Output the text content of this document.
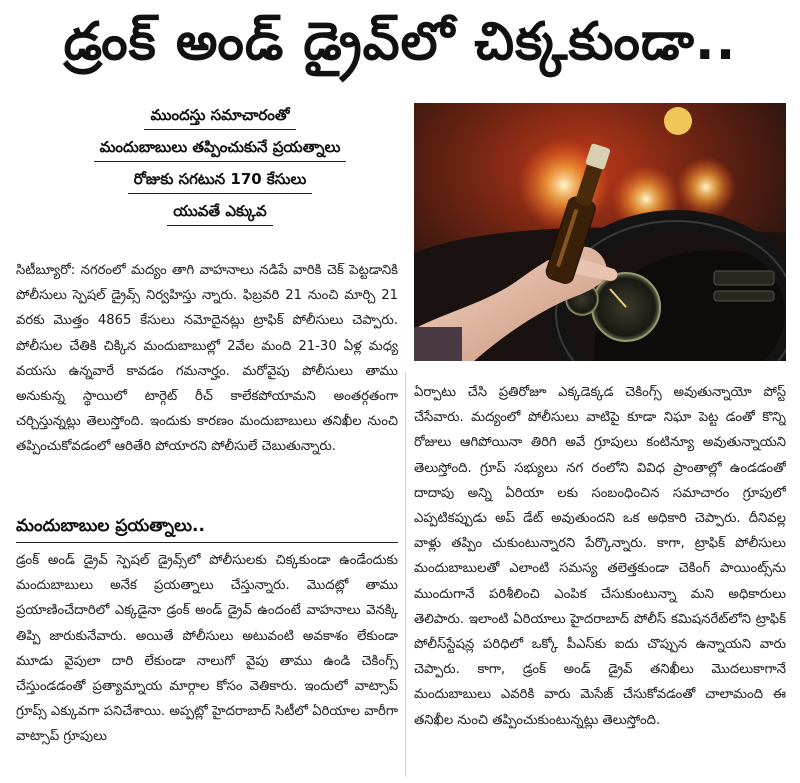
డ్రంక్ అండ్ డ్రైవ్‌లో చిక్కకుండా..
ముందస్తు సమాచారంతో
మందుబాబులు తప్పించుకునే ప్రయత్నాలు
రోజుకు సగటున 170 కేసులు
యువతే ఎక్కువ
సిటీబ్యూరో: నగరంలో మద్యం తాగి వాహనాలు నడిపే వారికి చెక్ పెట్టడానికి పోలీసులు స్పెషల్ డ్రైవ్స్ నిర్వహిస్తు న్నారు. ఫిబ్రవరి 21 నుంచి మార్చి 21 వరకు మొత్తం 4865 కేసులు నమోదైనట్లు ట్రాఫిక్ పోలీసులు చెప్పారు. పోలీసుల చేతికి చిక్కిన మందుబాబుల్లో 2వేల మంది 21-30 ఏళ్ల మధ్య వయసు ఉన్నవారే కావడం గమనార్హం. మరోవైపు పోలీసులు తాము అనుకున్న స్థాయిలో టార్గెట్ రీచ్ కాలేకపోయామని అంతర్గతంగా చర్చిస్తున్నట్లు తెలుస్తోంది. ఇందుకు కారణం మందుబాబులు తనిఖీల నుంచి తప్పించుకోవడంలో ఆరితేరి పోయారని పోలీసులే చెబుతున్నారు.
మందుబాబుల ప్రయత్నాలు..
డ్రంక్ అండ్ డ్రైవ్ స్పెషల్ డ్రైవ్స్‌లో పోలీసులకు చిక్కకుండా ఉండేందుకు మందుబాబులు అనేక ప్రయత్నాలు చేస్తున్నారు. మొదట్లో తాము ప్రయాణించేదారిలో ఎక్కడైనా డ్రంక్ అండ్ డ్రైవ్ ఉందంటే వాహనాలు వెనక్కి తిప్పి జారుకునేవారు. అయితే పోలీసులు అటువంటి అవకాశం లేకుండా మూడు వైపులా దారి లేకుండా నాలుగో వైపు తాము ఉండి చెకింగ్స్ చేస్తుండడంతో ప్రత్యామ్నాయ మార్గాల కోసం వెతికారు. ఇందులో వాట్సాప్ గ్రూప్స్ ఎక్కువగా పనిచేశాయి. అప్పట్లో హైదరాబాద్ సిటీలో ఏరియాల వారీగా వాట్సాప్ గ్రూపులు
ఏర్పాటు చేసి ప్రతిరోజూ ఎక్కడెక్కడ చెకింగ్స్ అవుతున్నాయో పోస్ట్ చేసేవారు. మద్యంలో పోలీసులు వాటిపై కూడా నిఘా పెట్ట డంతో కొన్ని రోజులు ఆగిపోయినా తిరిగి అవే గ్రూపులు కంటిన్యూ అవుతున్నాయని తెలుస్తోంది. గ్రూప్ సభ్యులు నగ రంలోని వివిధ ప్రాంతాల్లో ఉండడంతో దాదాపు అన్ని ఏరియా లకు సంబంధించిన సమాచారం గ్రూపులో ఎప్పటికప్పుడు అప్ డేట్ అవుతుందని ఒక అధికారి చెప్పారు. దీనివల్ల వాళ్లు తప్పిం చుకుంటున్నారని పేర్కొన్నారు. కాగా, ట్రాఫిక్ పోలీసులు మందుబాబులతో ఎలాంటి సమస్య తలెత్తకుండా చెకింగ్ పాయింట్స్‌ను ముందుగానే పరిశీలించి ఎంపిక చేసుకుంటున్నా మని అధికారులు తెలిపారు. ఇలాంటి ఏరియాలు హైదరాబాద్ పోలీస్ కమిషనరేట్‌లోని ట్రాఫిక్ పోలీస్‌స్టేషన్ల పరిధిలో ఒక్కో పీఎస్‌కు ఐదు చొప్పున ఉన్నాయని వారు చెప్పారు. కాగా, డ్రంక్ అండ్ డ్రైవ్ తనిఖీలు మొదలుకాగానే మందుబాబులు ఎవరికి వారు మెసేజ్ చేసుకోవడంతో చాలామంది ఈ తనిఖీల నుంచి తప్పించుకుంటున్నట్లు తెలుస్తోంది.
